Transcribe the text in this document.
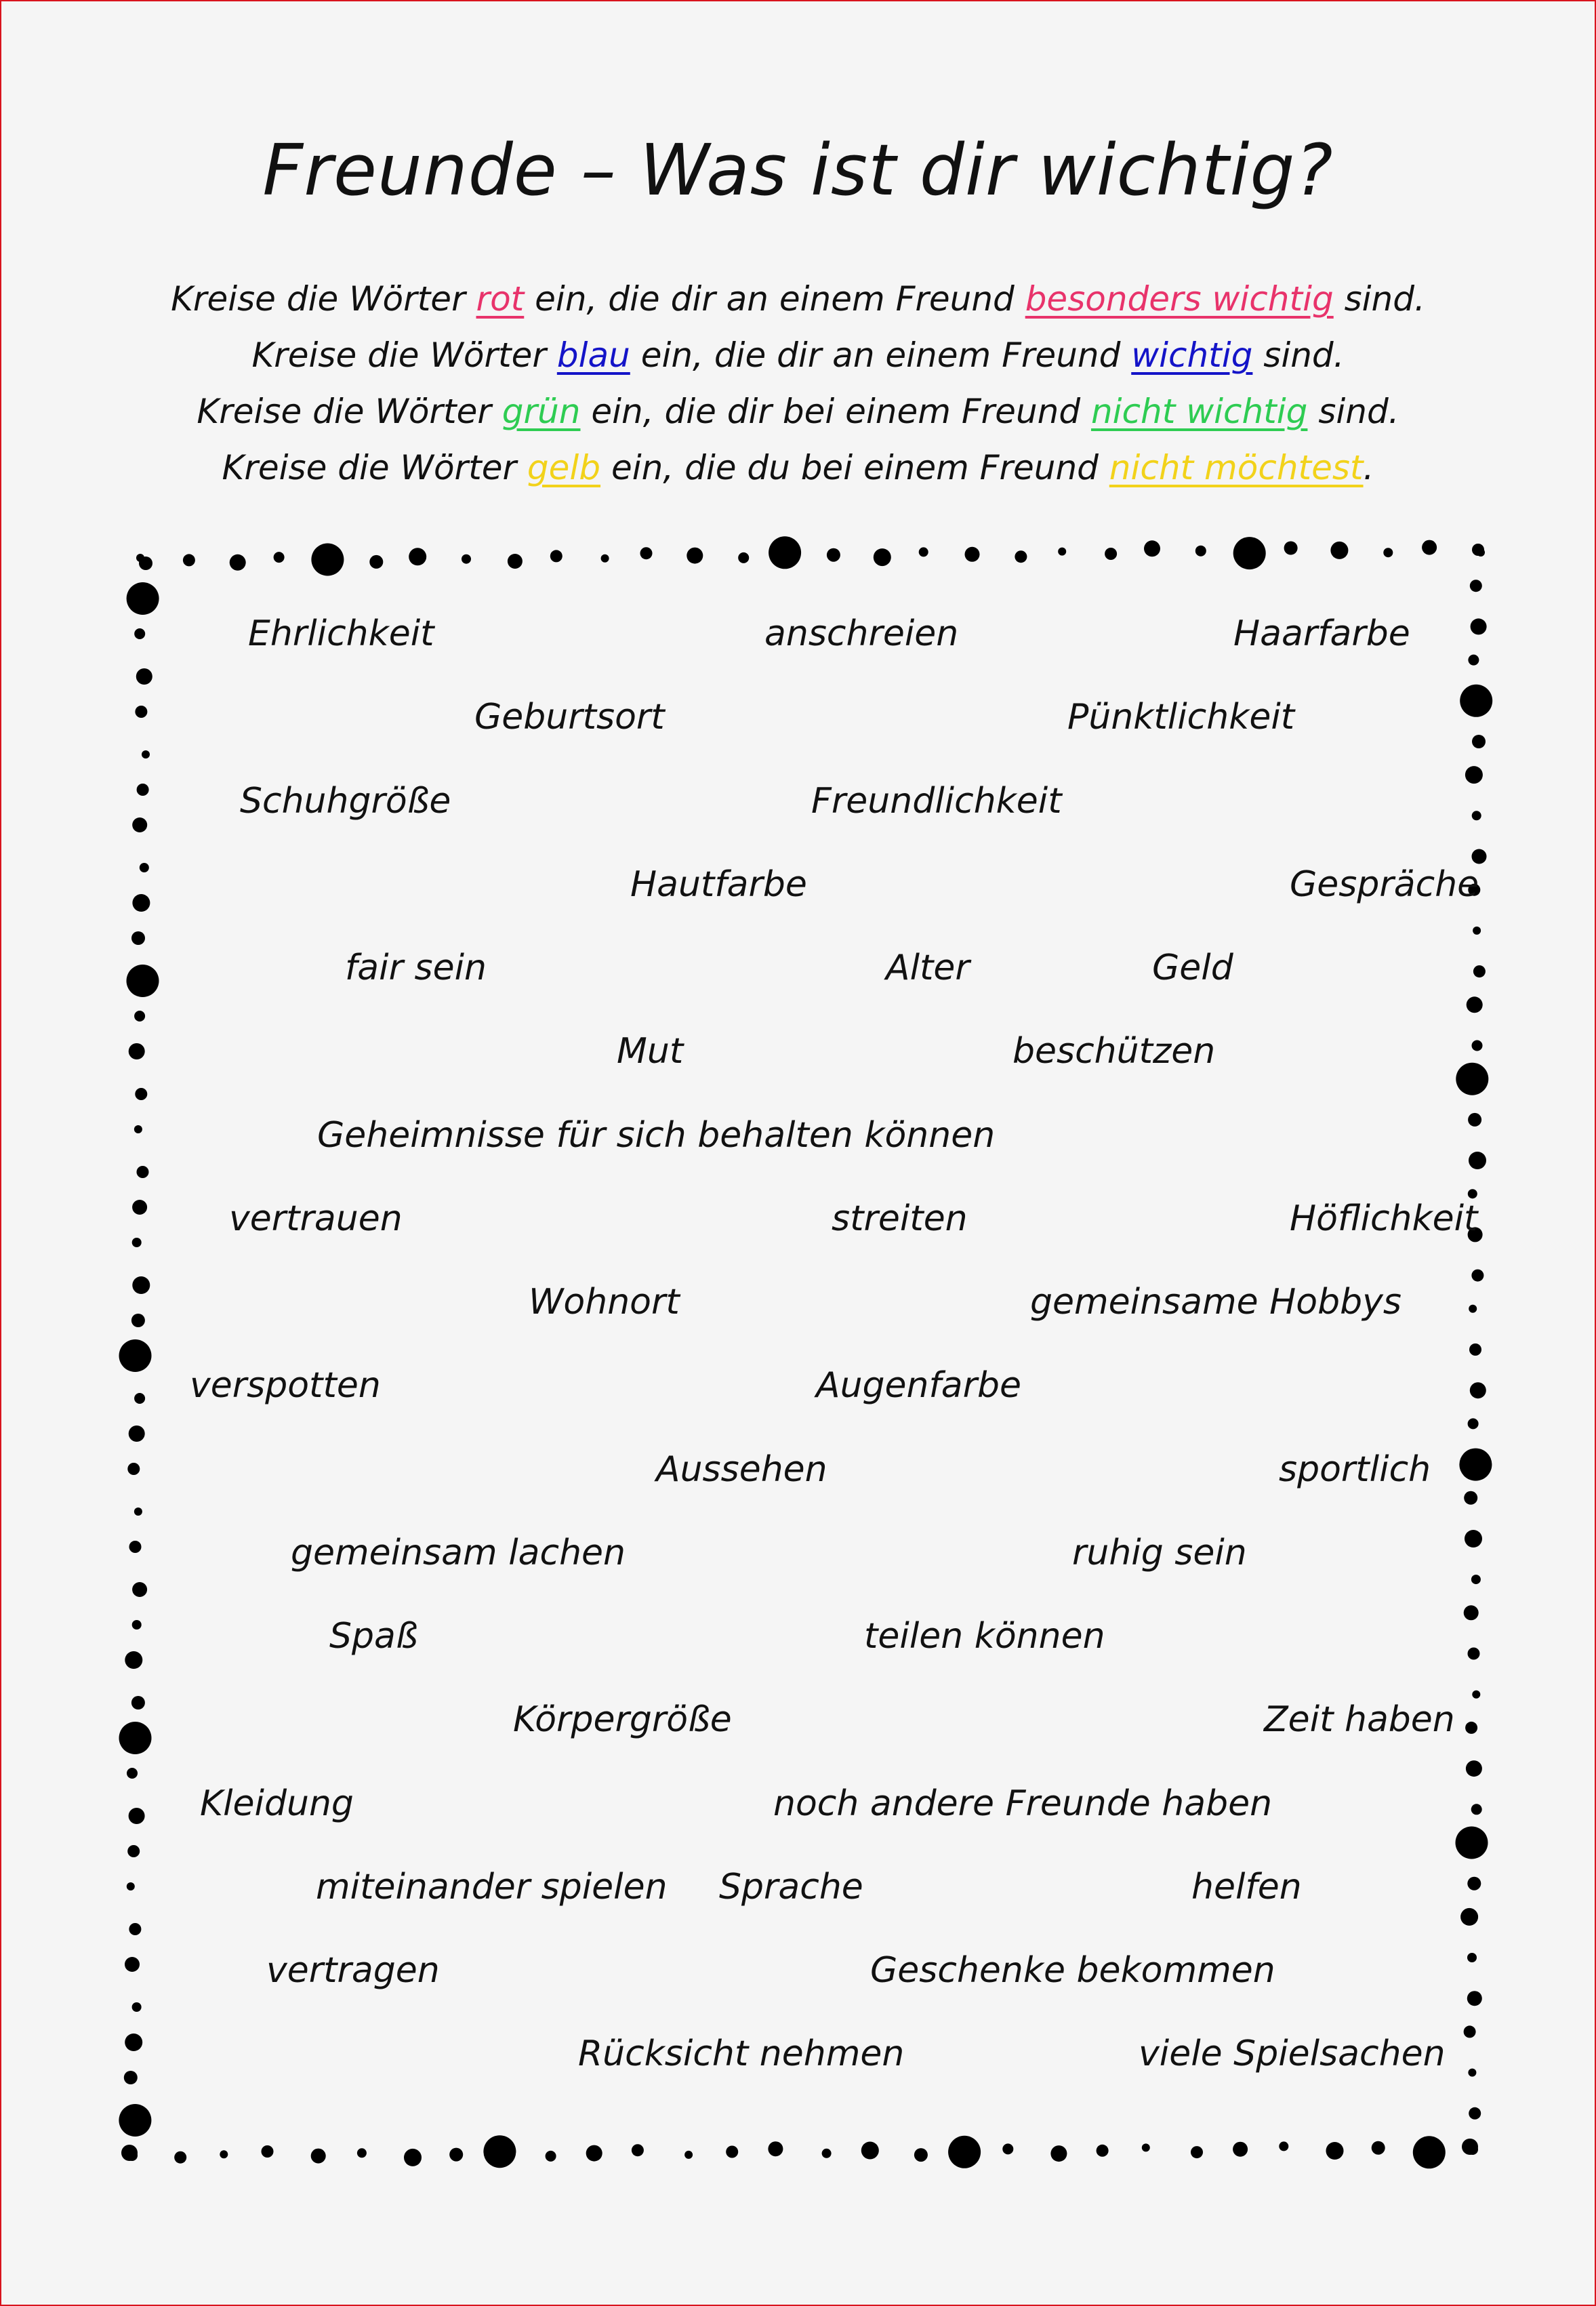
Freunde – Was ist dir wichtig?
Kreise die Wörter rot ein, die dir an einem Freund besonders wichtig sind.
Kreise die Wörter blau ein, die dir an einem Freund wichtig sind.
Kreise die Wörter grün ein, die dir bei einem Freund nicht wichtig sind.
Kreise die Wörter gelb ein, die du bei einem Freund nicht möchtest.
Ehrlichkeit	anschreien	Haarfarbe
Geburtsort	Pünktlichkeit
Schuhgröße	Freundlichkeit
Hautfarbe	Gespräche
fair sein	Alter	Geld
Mut	beschützen
Geheimnisse für sich behalten können
vertrauen	streiten	Höflichkeit
Wohnort	gemeinsame Hobbys
verspotten	Augenfarbe
Aussehen	sportlich
gemeinsam lachen	ruhig sein
Spaß	teilen können
Körpergröße	Zeit haben
Kleidung	noch andere Freunde haben
miteinander spielen Sprache	helfen
vertragen	Geschenke bekommen
Rücksicht nehmen	viele Spielsachen
